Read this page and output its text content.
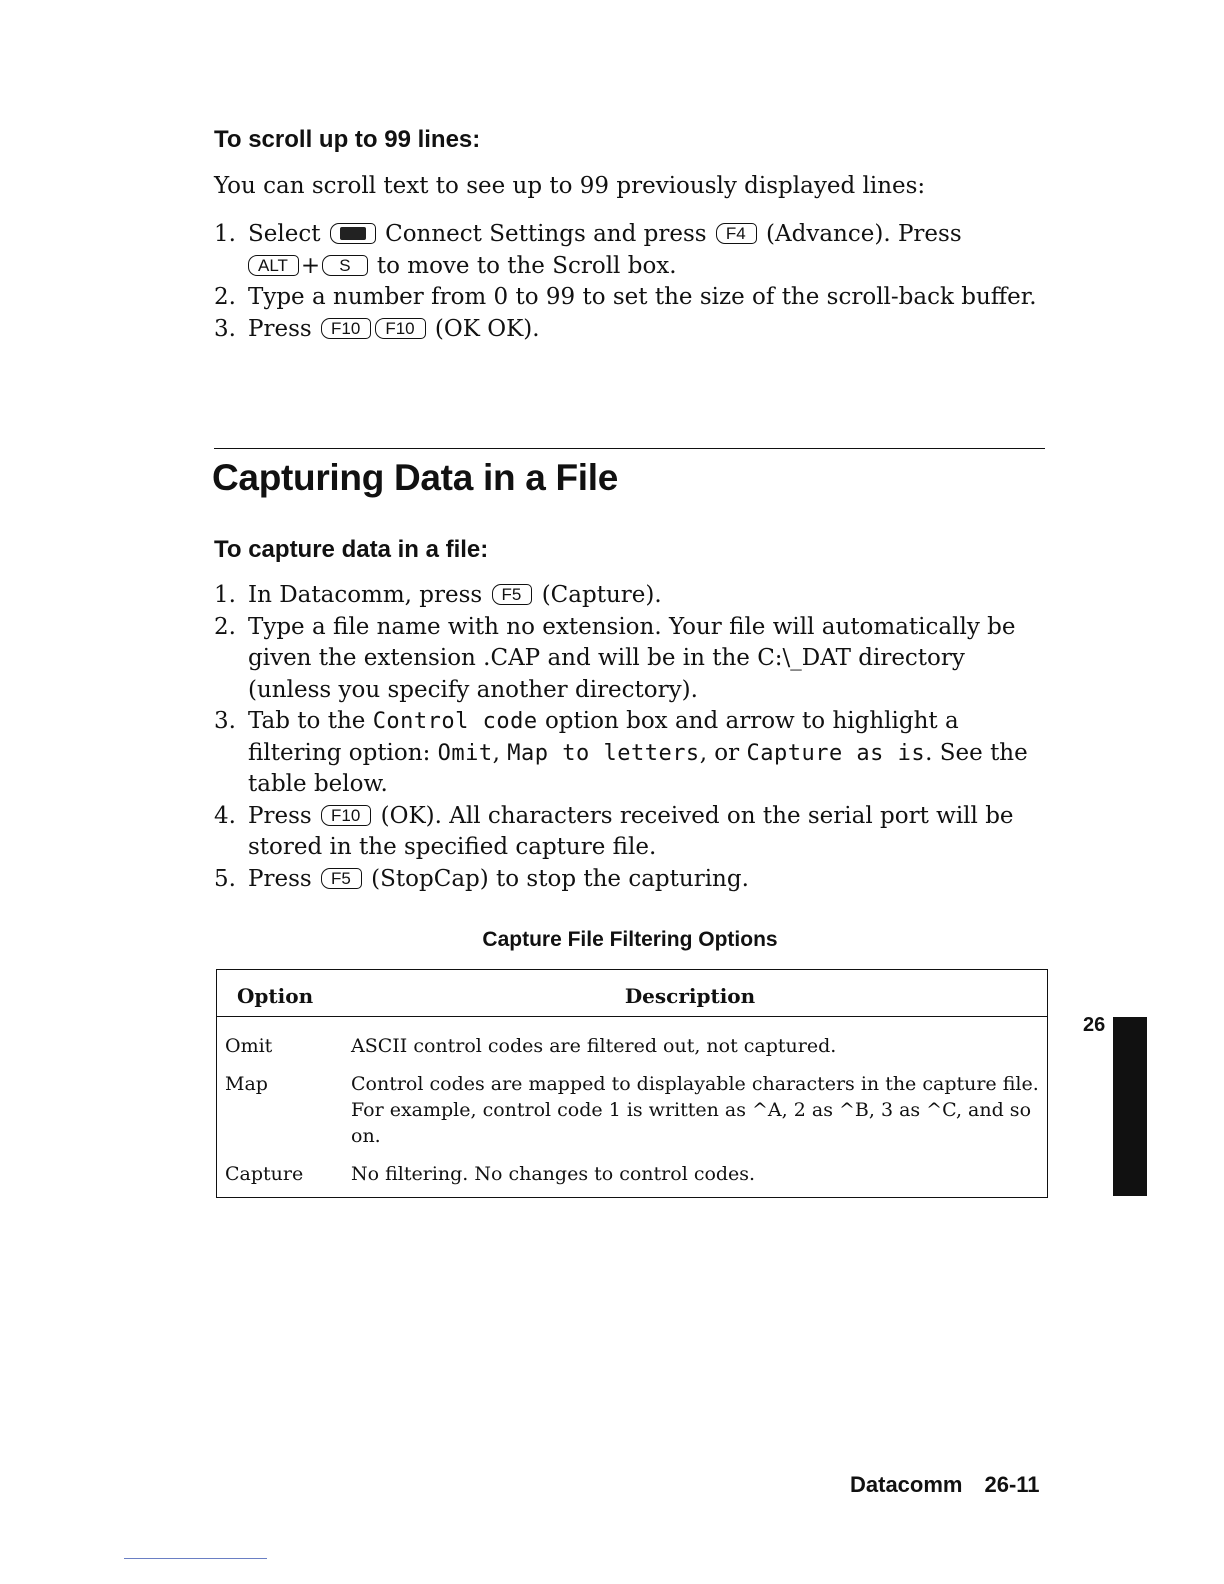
To scroll up to 99 lines:

You can scroll text to see up to 99 previously displayed lines:

1. Select	Connect Settings and press F4 (Advance). Press
ALT + S to move to the Scroll box.
2. Type a number from 0 to 99 to set the size of the scroll-back buffer.
3. Press F10 F10 (OK OK).
Capturing Data in a File
To capture data in a file:
1. In Datacomm, press F5 (Capture).
2. Type a file name with no extension. Your file will automatically be given the extension .CAP and will be in the C:\_DAT directory (unless you specify another directory).
3. Tab to the Control code option box and arrow to highlight a filtering option: Omit, Map to letters, or Capture as is. See the table below.
4. Press F10 (OK). All characters received on the serial port will be stored in the specified capture file.
5. Press F5 (StopCap) to stop the capturing.
Capture File Filtering Options
Option	Description
Omit	ASCII control codes are filtered out, not captured.
Map	Control codes are mapped to displayable characters in the capture file. For example, control code 1 is written as ^A, 2 as ^B, 3 as ^C, and so on.
Capture	No filtering. No changes to control codes.
26
Datacomm 26-11
